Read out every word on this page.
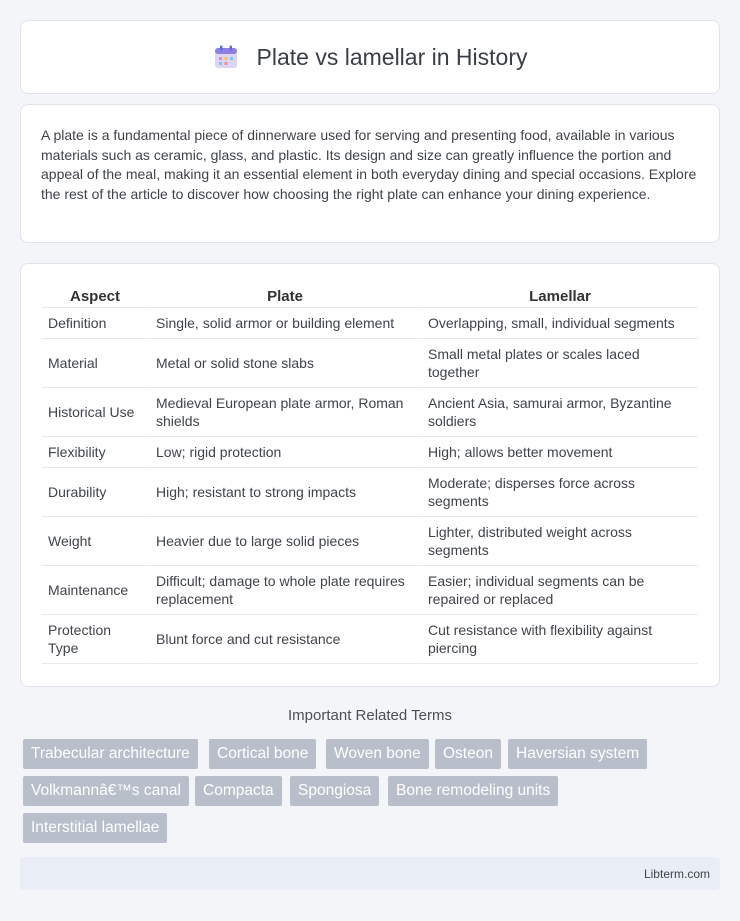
Plate vs lamellar in History

A plate is a fundamental piece of dinnerware used for serving and presenting food, available in various materials such as ceramic, glass, and plastic. Its design and size can greatly influence the portion and appeal of the meal, making it an essential element in both everyday dining and special occasions. Explore the rest of the article to discover how choosing the right plate can enhance your dining experience.

Aspect	Plate	Lamellar
Definition	Single, solid armor or building element	Overlapping, small, individual segments
Material	Metal or solid stone slabs	Small metal plates or scales laced together
Historical Use	Medieval European plate armor, Roman shields	Ancient Asia, samurai armor, Byzantine soldiers
Flexibility	Low; rigid protection	High; allows better movement
Durability	High; resistant to strong impacts	Moderate; disperses force across segments
Weight	Heavier due to large solid pieces	Lighter, distributed weight across segments
Maintenance	Difficult; damage to whole plate requires replacement	Easier; individual segments can be repaired or replaced
Protection Type	Blunt force and cut resistance	Cut resistance with flexibility against piercing
Important Related Terms
Trabecular architecture	Cortical bone	Woven bone	Osteon	Haversian system
Volkmannâ€™s canal	Compacta	Spongiosa	Bone remodeling units
Interstitial lamellae
Libterm.com
